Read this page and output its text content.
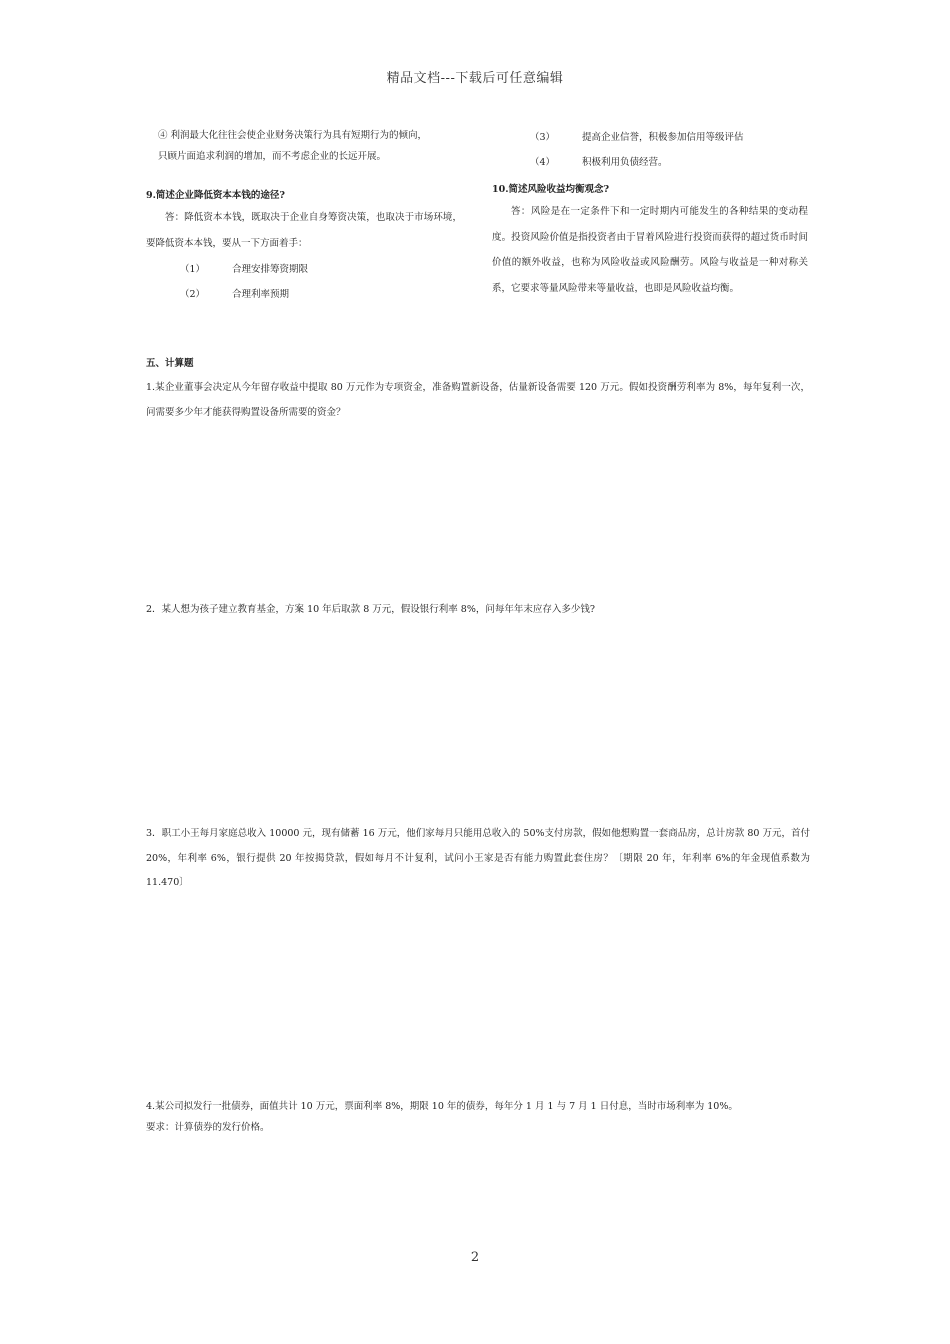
精品文档---下载后可任意编辑
④ 利润最大化往往会使企业财务决策行为具有短期行为的倾向，
只顾片面追求利润的增加，而不考虑企业的长远开展。
9.简述企业降低资本本钱的途径?
答：降低资本本钱，既取决于企业自身筹资决策，也取决于市场环境，要降低资本本钱，要从一下方面着手：
（1）	合理安排筹资期限
（2）	合理利率预期
（3）	提高企业信誉，积极参加信用等级评估
（4）	积极利用负债经营。
10.简述风险收益均衡观念?
答：风险是在一定条件下和一定时期内可能发生的各种结果的变动程度。投资风险价值是指投资者由于冒着风险进行投资而获得的超过货币时间价值的额外收益，也称为风险收益或风险酬劳。风险与收益是一种对称关系，它要求等量风险带来等量收益，也即是风险收益均衡。
五、计算题
1.某企业董事会决定从今年留存收益中提取 80 万元作为专项资金，准备购置新设备，估量新设备需要 120 万元。假如投资酬劳利率为 8%，每年复利一次，问需要多少年才能获得购置设备所需要的资金？
2．某人想为孩子建立教育基金，方案 10 年后取款 8 万元，假设银行利率 8%，问每年年末应存入多少钱?
3．职工小王每月家庭总收入 10000 元，现有储蓄 16 万元，他们家每月只能用总收入的 50%支付房款，假如他想购置一套商品房，总计房款 80 万元，首付 20%，年利率 6%，银行提供 20 年按揭贷款，假如每月不计复利，试问小王家是否有能力购置此套住房？〔期限 20 年，年利率 6%的年金现值系数为 11.470〕
4.某公司拟发行一批债券，面值共计 10 万元，票面利率 8%，期限 10 年的债券，每年分 1 月 1 与 7 月 1 日付息，当时市场利率为 10%。
要求：计算债券的发行价格。
2
